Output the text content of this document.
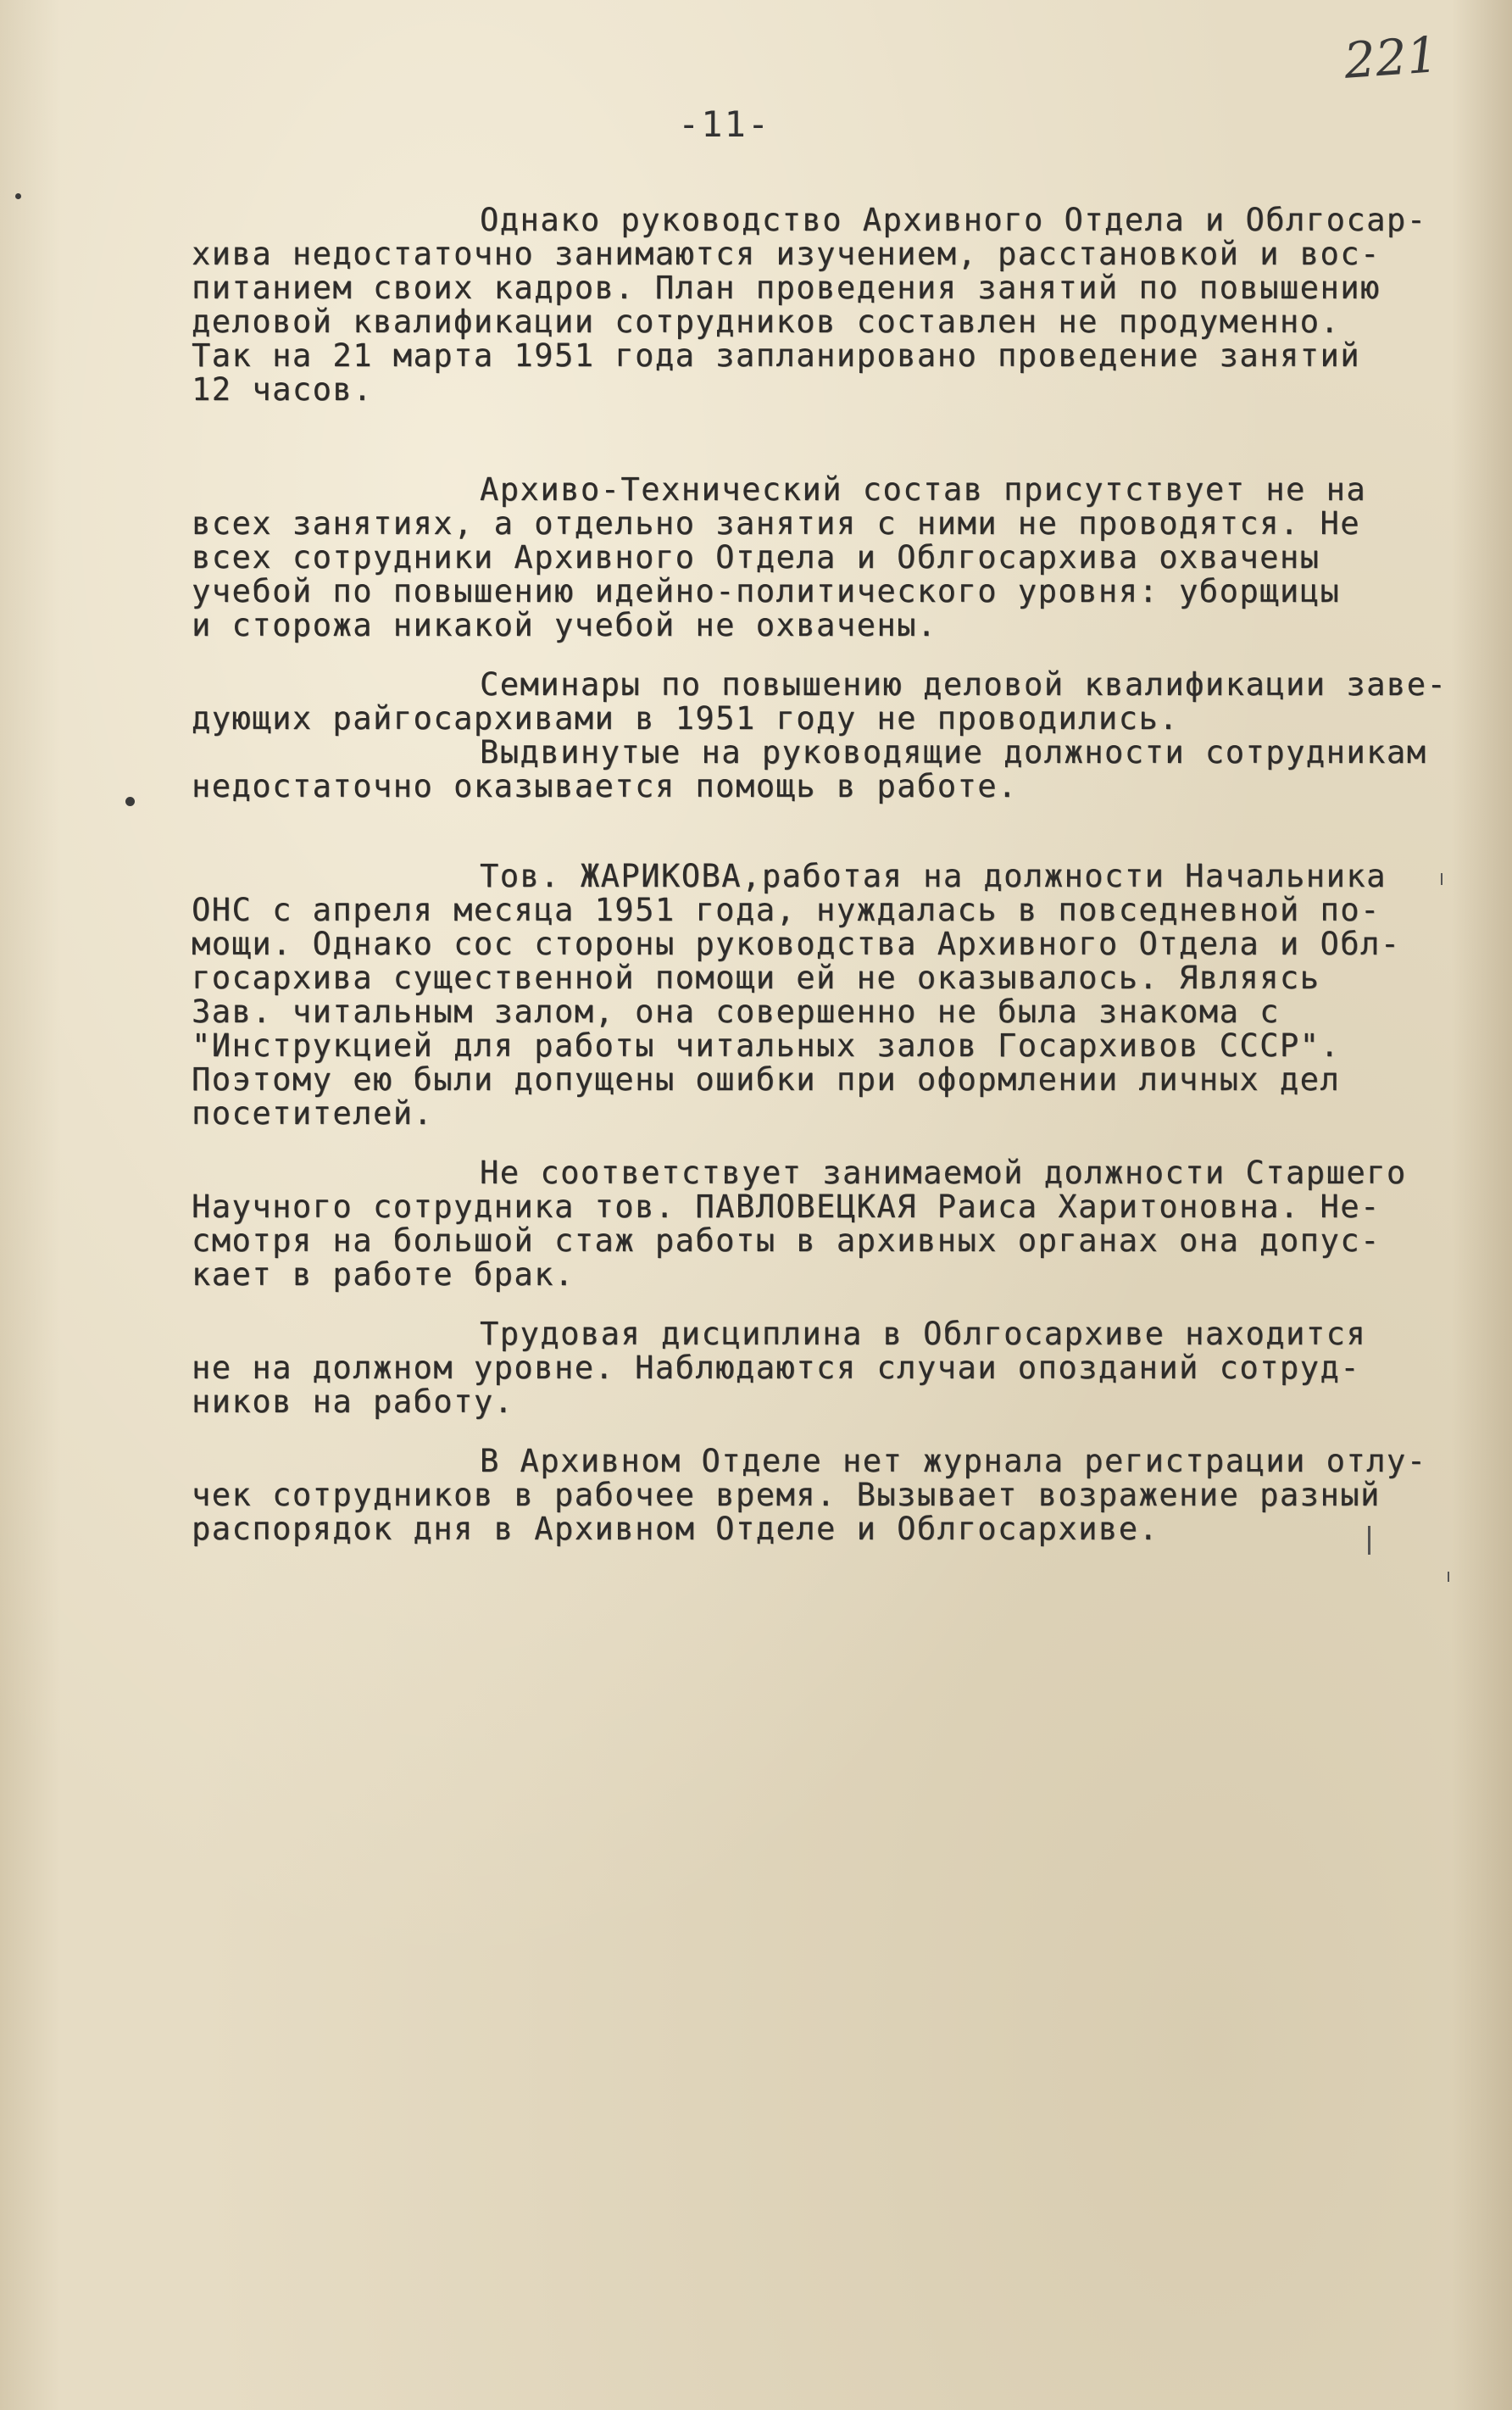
221
-11-
Однако руководство Архивного Отдела и Облгосар-
хива недостаточно занимаются изучением, расстановкой и вос-
питанием своих кадров. План проведения занятий по повышению
деловой квалификации сотрудников составлен не продуменно.
Так на 21 марта 1951 года запланировано проведение занятий
12 часов.
Архиво-Технический состав присутствует не на
всех занятиях, а отдельно занятия с ними не проводятся. Не
всех сотрудники Архивного Отдела и Облгосархива охвачены
учебой по повышению идейно-политического уровня: уборщицы
и сторожа никакой учебой не охвачены.
Семинары по повышению деловой квалификации заве-
дующих райгосархивами в 1951 году не проводились.
Выдвинутые на руководящие должности сотрудникам
недостаточно оказывается помощь в работе.
Тов. ЖАРИКОВА,работая на должности Начальника
ОНС с апреля месяца 1951 года, нуждалась в повседневной по-
мощи. Однако сос стороны руководства Архивного Отдела и Обл-
госархива существенной помощи ей не оказывалось. Являясь
Зав. читальным залом, она совершенно не была знакома с
"Инструкцией для работы читальных залов Госархивов СССР".
Поэтому ею были допущены ошибки при оформлении личных дел
посетителей.
Не соответствует занимаемой должности Старшего
Научного сотрудника тов. ПАВЛОВЕЦКАЯ Раиса Харитоновна. Не-
смотря на большой стаж работы в архивных органах она допус-
кает в работе брак.
Трудовая дисциплина в Облгосархиве находится
не на должном уровне. Наблюдаются случаи опозданий сотруд-
ников на работу.
В Архивном Отделе нет журнала регистрации отлу-
чек сотрудников в рабочее время. Вызывает возражение разный
распорядок дня в Архивном Отделе и Облгосархиве.
